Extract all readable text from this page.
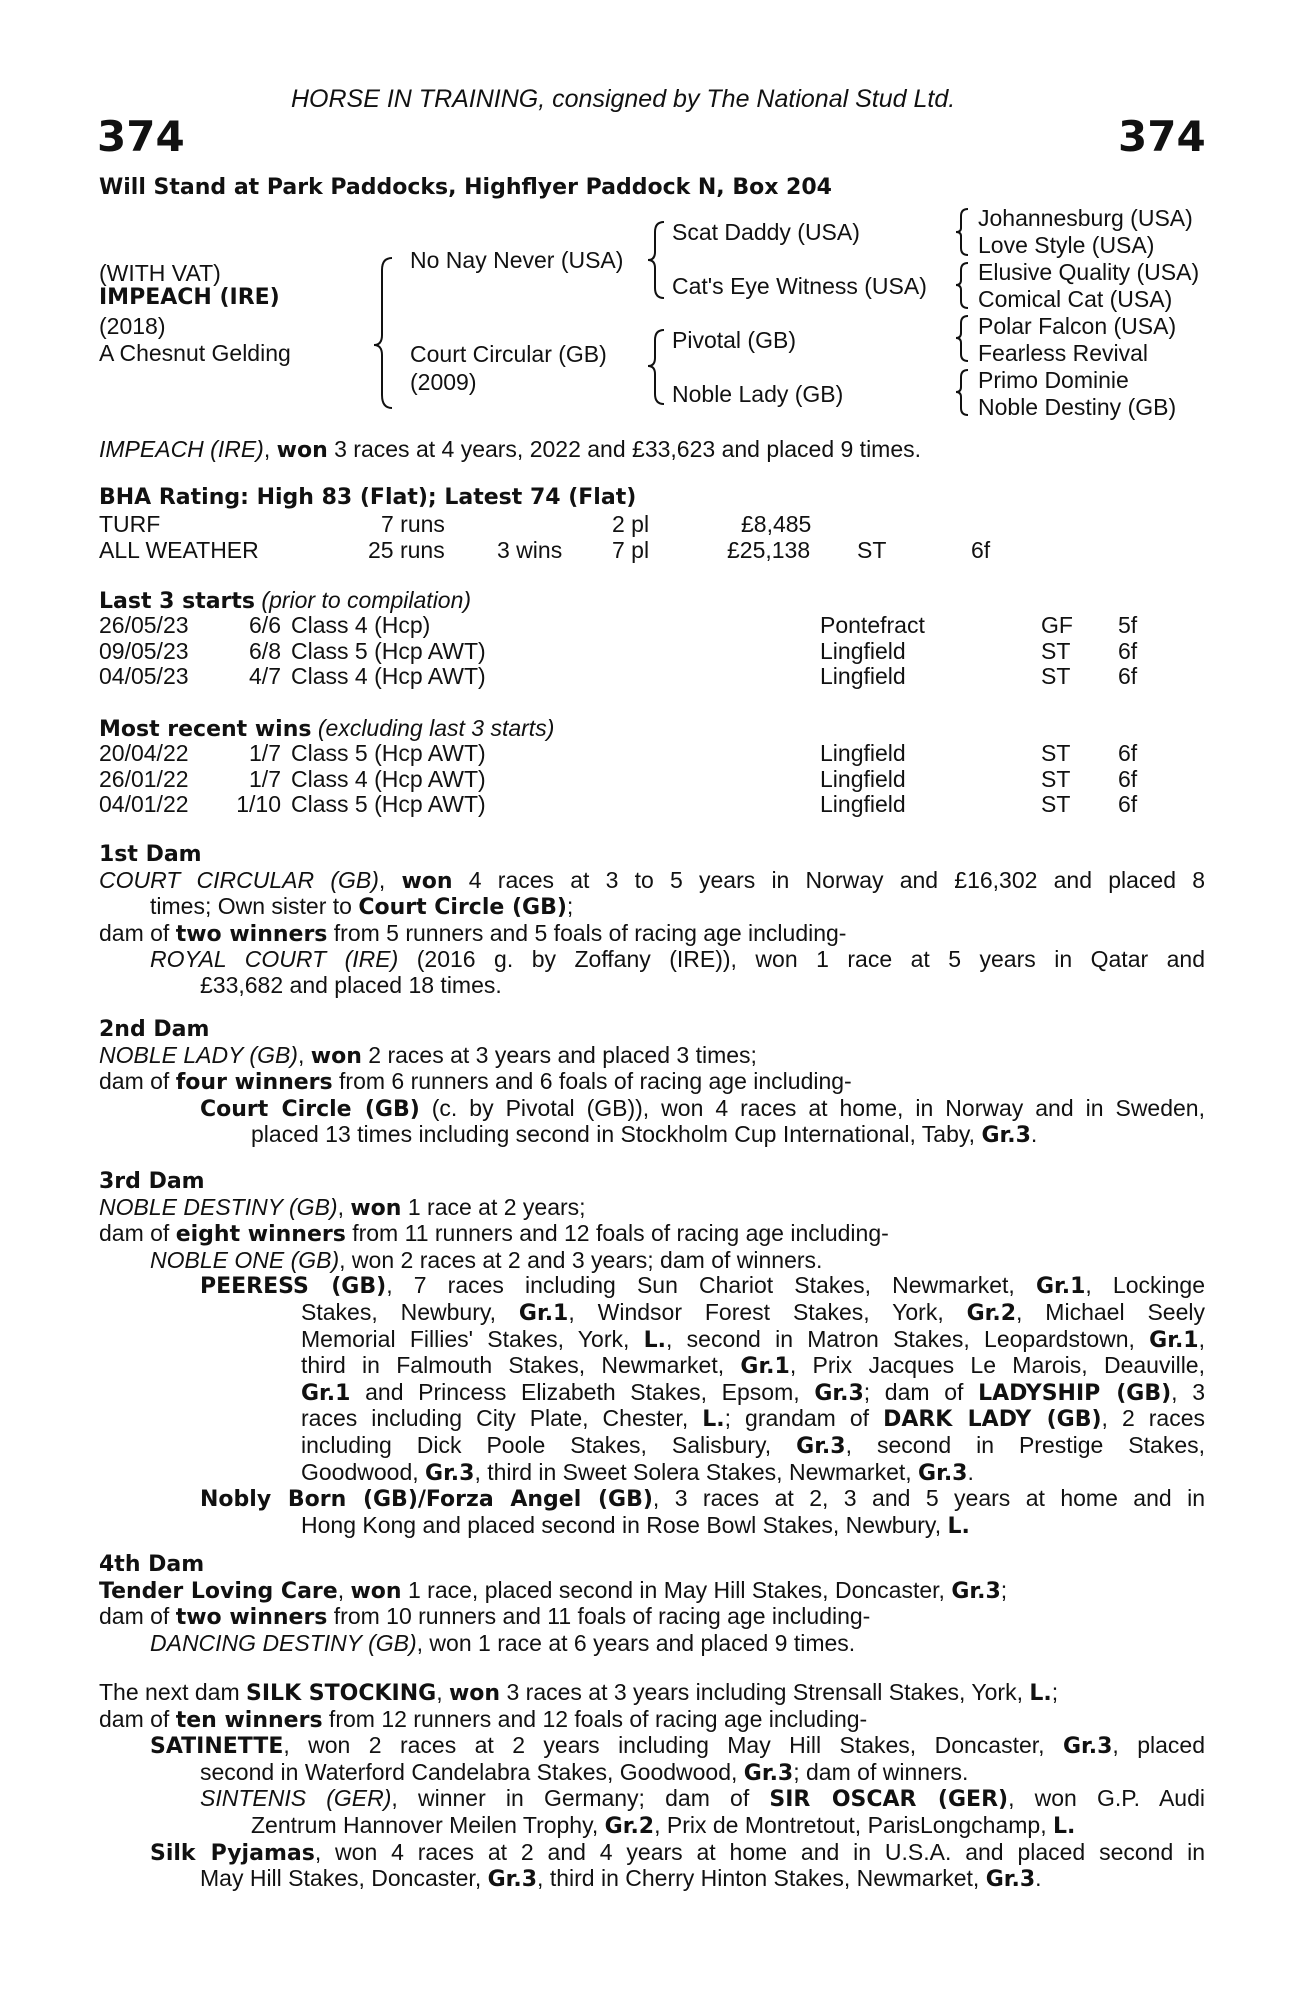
HORSE IN TRAINING, consigned by The National Stud Ltd.
374	374
Will Stand at Park Paddocks, Highflyer Paddock N, Box 204
(WITH VAT)
IMPEACH (IRE)
(2018)
A Chesnut Gelding
No Nay Never (USA)
Court Circular (GB)
(2009)
Scat Daddy (USA)
Cat's Eye Witness (USA)
Pivotal (GB)
Noble Lady (GB)
Johannesburg (USA)
Love Style (USA)
Elusive Quality (USA)
Comical Cat (USA)
Polar Falcon (USA)
Fearless Revival
Primo Dominie
Noble Destiny (GB)
IMPEACH (IRE), won 3 races at 4 years, 2022 and £33,623 and placed 9 times.
BHA Rating: High 83 (Flat); Latest 74 (Flat)
TURF	7 runs	2 pl	£8,485
ALL WEATHER	25 runs 3 wins 7 pl	£25,138 ST	6f
Last 3 starts (prior to compilation)
26/05/23	6/6 Class 4 (Hcp)	Pontefract	GF 5f
09/05/23	6/8 Class 5 (Hcp AWT)	Lingfield	ST 6f
04/05/23	4/7 Class 4 (Hcp AWT)	Lingfield	ST 6f
Most recent wins (excluding last 3 starts)
20/04/22	1/7 Class 5 (Hcp AWT)	Lingfield	ST 6f
26/01/22	1/7 Class 4 (Hcp AWT)	Lingfield	ST 6f
04/01/22 1/10 Class 5 (Hcp AWT)	Lingfield	ST 6f
1st Dam
COURT CIRCULAR (GB), won 4 races at 3 to 5 years in Norway and £16,302 and placed 8
times; Own sister to Court Circle (GB);
dam of two winners from 5 runners and 5 foals of racing age including-
ROYAL COURT (IRE) (2016 g. by Zoffany (IRE)), won 1 race at 5 years in Qatar and
£33,682 and placed 18 times.
2nd Dam
NOBLE LADY (GB), won 2 races at 3 years and placed 3 times;
dam of four winners from 6 runners and 6 foals of racing age including-
Court Circle (GB) (c. by Pivotal (GB)), won 4 races at home, in Norway and in Sweden,
placed 13 times including second in Stockholm Cup International, Taby, Gr.3.
3rd Dam
NOBLE DESTINY (GB), won 1 race at 2 years;
dam of eight winners from 11 runners and 12 foals of racing age including-
NOBLE ONE (GB), won 2 races at 2 and 3 years; dam of winners.
PEERESS (GB), 7 races including Sun Chariot Stakes, Newmarket, Gr.1, Lockinge
Stakes, Newbury, Gr.1, Windsor Forest Stakes, York, Gr.2, Michael Seely
Memorial Fillies' Stakes, York, L., second in Matron Stakes, Leopardstown, Gr.1,
third in Falmouth Stakes, Newmarket, Gr.1, Prix Jacques Le Marois, Deauville,
Gr.1 and Princess Elizabeth Stakes, Epsom, Gr.3; dam of LADYSHIP (GB), 3
races including City Plate, Chester, L.; grandam of DARK LADY (GB), 2 races
including Dick Poole Stakes, Salisbury, Gr.3, second in Prestige Stakes,
Goodwood, Gr.3, third in Sweet Solera Stakes, Newmarket, Gr.3.
Nobly Born (GB)/Forza Angel (GB), 3 races at 2, 3 and 5 years at home and in
Hong Kong and placed second in Rose Bowl Stakes, Newbury, L.
4th Dam
Tender Loving Care, won 1 race, placed second in May Hill Stakes, Doncaster, Gr.3;
dam of two winners from 10 runners and 11 foals of racing age including-
DANCING DESTINY (GB), won 1 race at 6 years and placed 9 times.
The next dam SILK STOCKING, won 3 races at 3 years including Strensall Stakes, York, L.;
dam of ten winners from 12 runners and 12 foals of racing age including-
SATINETTE, won 2 races at 2 years including May Hill Stakes, Doncaster, Gr.3, placed
second in Waterford Candelabra Stakes, Goodwood, Gr.3; dam of winners.
SINTENIS (GER), winner in Germany; dam of SIR OSCAR (GER), won G.P. Audi
Zentrum Hannover Meilen Trophy, Gr.2, Prix de Montretout, ParisLongchamp, L.
Silk Pyjamas, won 4 races at 2 and 4 years at home and in U.S.A. and placed second in
May Hill Stakes, Doncaster, Gr.3, third in Cherry Hinton Stakes, Newmarket, Gr.3.
